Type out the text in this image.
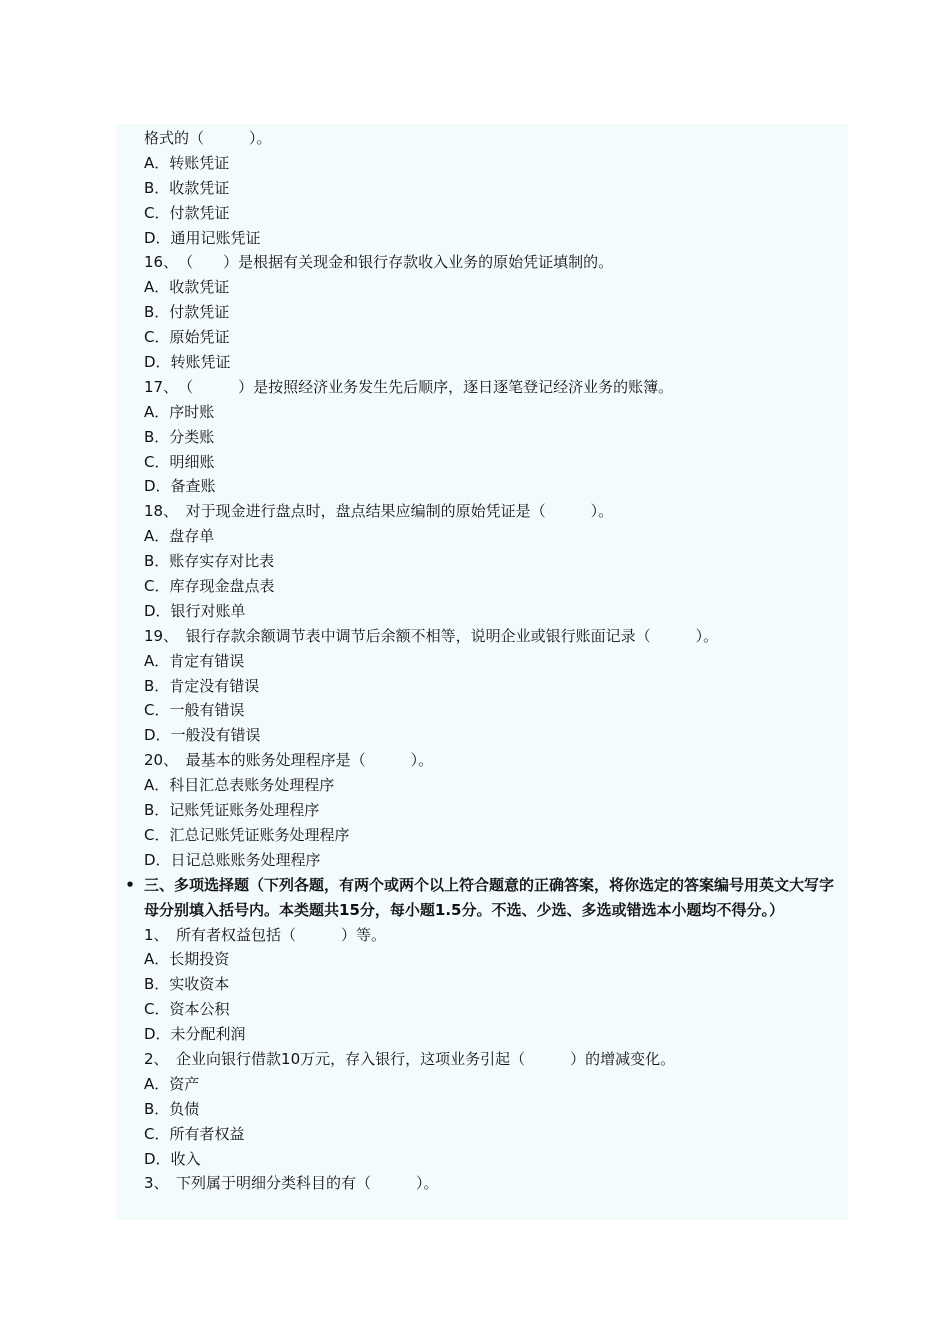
格式的（　　　）。
A．转账凭证
B．收款凭证
C．付款凭证
D．通用记账凭证
16、　（　　）是根据有关现金和银行存款收入业务的原始凭证填制的。
A．收款凭证
B．付款凭证
C．原始凭证
D．转账凭证
17、　（　　　）是按照经济业务发生先后顺序，逐日逐笔登记经济业务的账簿。
A．序时账
B．分类账
C．明细账
D．备查账
18、　对于现金进行盘点时，盘点结果应编制的原始凭证是（　　　）。
A．盘存单
B．账存实存对比表
C．库存现金盘点表
D．银行对账单
19、　银行存款余额调节表中调节后余额不相等，说明企业或银行账面记录（　　　）。
A．肯定有错误
B．肯定没有错误
C．一般有错误
D．一般没有错误
20、　最基本的账务处理程序是（　　　）。
A．科目汇总表账务处理程序
B．记账凭证账务处理程序
C．汇总记账凭证账务处理程序
D．日记总账账务处理程序
• 三、多项选择题（下列各题，有两个或两个以上符合题意的正确答案，将你选定的答案编号用英文大写字母分别填入括号内。本类题共15分，每小题1.5分。不选、少选、多选或错选本小题均不得分。）
1、　所有者权益包括（　　　）等。
A．长期投资
B．实收资本
C．资本公积
D．未分配利润
2、　企业向银行借款10万元，存入银行，这项业务引起（　　　）的增减变化。
A．资产
B．负债
C．所有者权益
D．收入
3、　下列属于明细分类科目的有（　　　）。
